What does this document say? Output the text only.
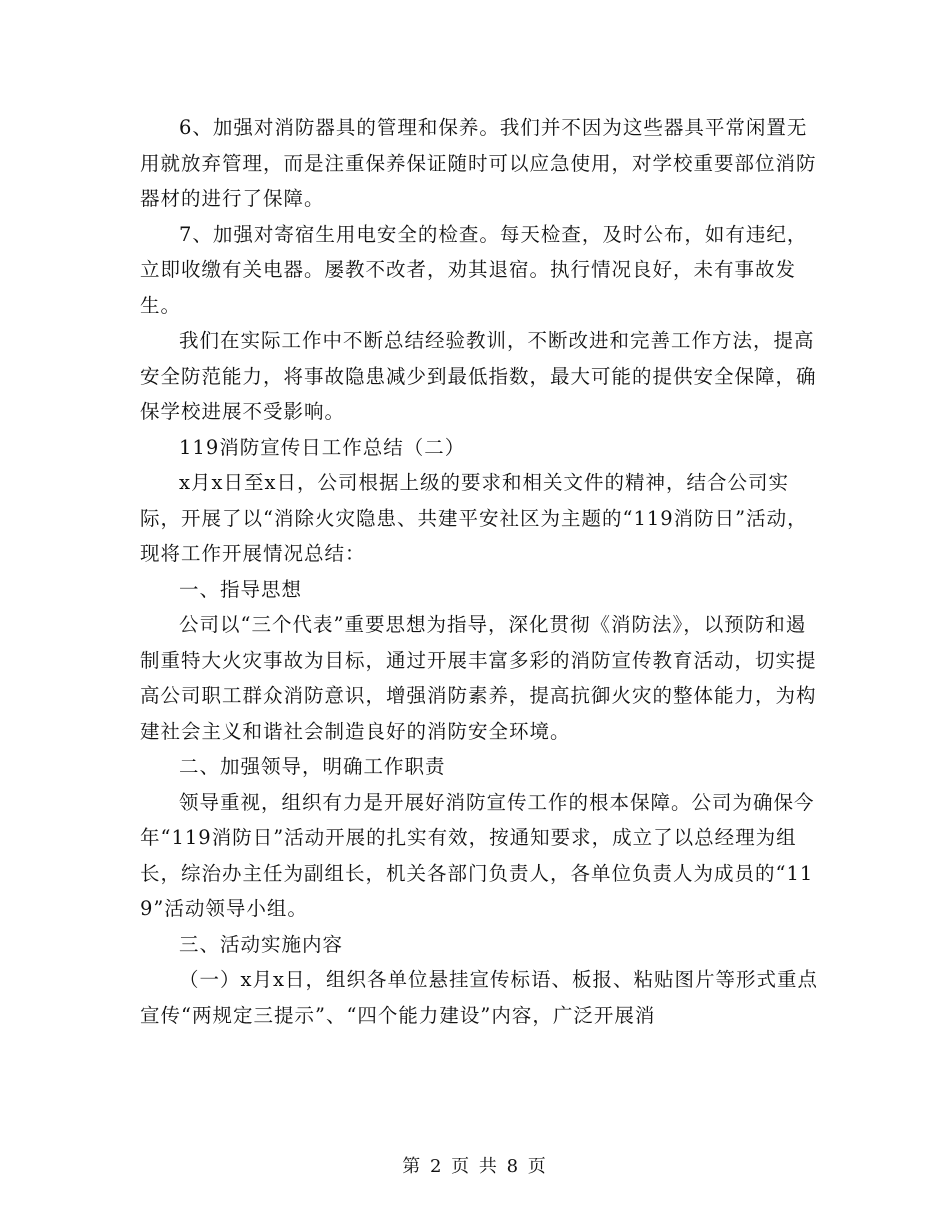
6、加强对消防器具的管理和保养。我们并不因为这些器具平常闲置无用就放弃管理，而是注重保养保证随时可以应急使用，对学校重要部位消防器材的进行了保障。

7、加强对寄宿生用电安全的检查。每天检查，及时公布，如有违纪，立即收缴有关电器。屡教不改者，劝其退宿。执行情况良好，未有事故发生。

我们在实际工作中不断总结经验教训，不断改进和完善工作方法，提高安全防范能力，将事故隐患减少到最低指数，最大可能的提供安全保障，确保学校进展不受影响。

119消防宣传日工作总结（二）

x月x日至x日，公司根据上级的要求和相关文件的精神，结合公司实际，开展了以“消除火灾隐患、共建平安社区为主题的“119消防日”活动，现将工作开展情况总结：

一、指导思想

公司以“三个代表”重要思想为指导，深化贯彻《消防法》，以预防和遏制重特大火灾事故为目标，通过开展丰富多彩的消防宣传教育活动，切实提高公司职工群众消防意识，增强消防素养，提高抗御火灾的整体能力，为构建社会主义和谐社会制造良好的消防安全环境。

二、加强领导，明确工作职责

领导重视，组织有力是开展好消防宣传工作的根本保障。公司为确保今年“119消防日”活动开展的扎实有效，按通知要求，成立了以总经理为组长，综治办主任为副组长，机关各部门负责人，各单位负责人为成员的“119”活动领导小组。

三、活动实施内容

（一）x月x日，组织各单位悬挂宣传标语、板报、粘贴图片等形式重点宣传“两规定三提示”、“四个能力建设”内容，广泛开展消

第 2 页 共 8 页
